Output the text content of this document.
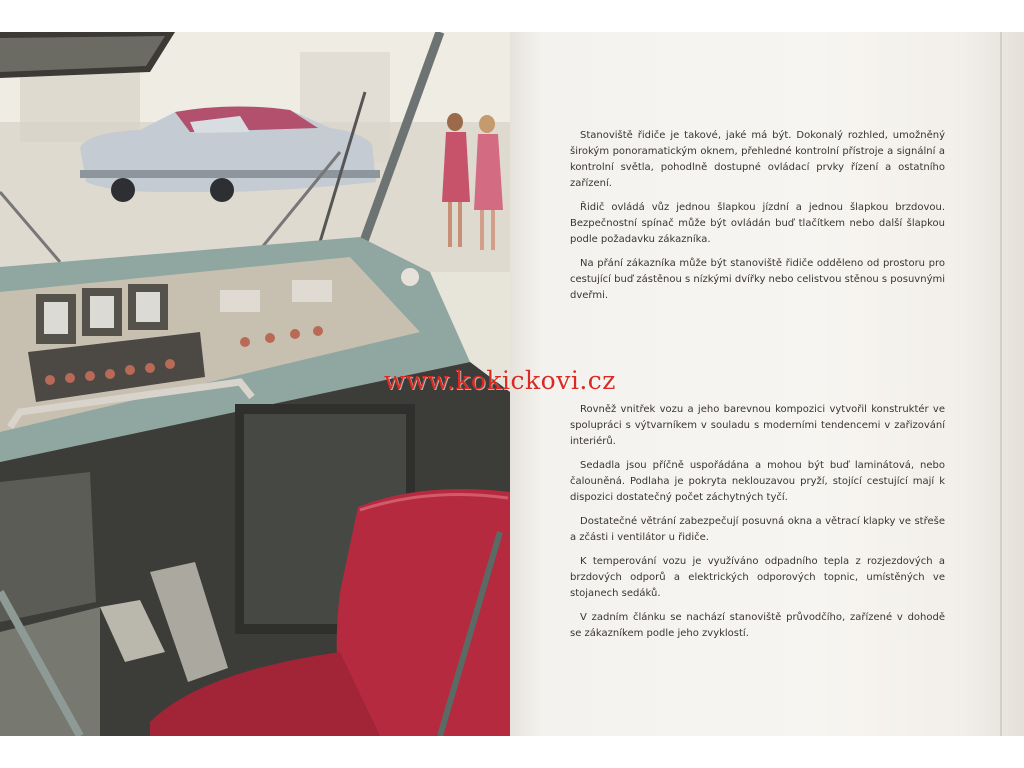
Stanoviště řidiče je takové, jaké má být. Dokonalý rozhled, umožněný širokým ponoramatickým oknem, přehledné kontrolní přístroje a signální a kontrolní světla, pohodlně dostupné ovládací prvky řízení a ostatního zařízení.

Řidič ovládá vůz jednou šlapkou jízdní a jednou šlapkou brzdovou. Bezpečnostní spínač může být ovládán buď tlačítkem nebo další šlapkou podle požadavku zákazníka.

Na přání zákazníka může být stanoviště řidiče odděleno od prostoru pro cestující buď zástěnou s nízkými dvířky nebo celistvou stěnou s posuvnými dveřmi.

www.kokickovi.cz

Rovněž vnitřek vozu a jeho barevnou kompozici vytvořil konstruktér ve spolupráci s výtvarníkem v souladu s moderními tendencemi v zařizování interiérů.

Sedadla jsou příčně uspořádána a mohou být buď laminátová, nebo čalouněná. Podlaha je pokryta neklouzavou pryží, stojící cestující mají k dispozici dostatečný počet záchytných tyčí.

Dostatečné větrání zabezpečují posuvná okna a větrací klapky ve střeše a zčásti i ventilátor u řidiče.

K temperování vozu je využíváno odpadního tepla z rozjezdových a brzdových odporů a elektrických odporových topnic, umístěných ve stojanech sedáků.

V zadním článku se nachází stanoviště průvodčího, zařízené v dohodě se zákazníkem podle jeho zvyklostí.
